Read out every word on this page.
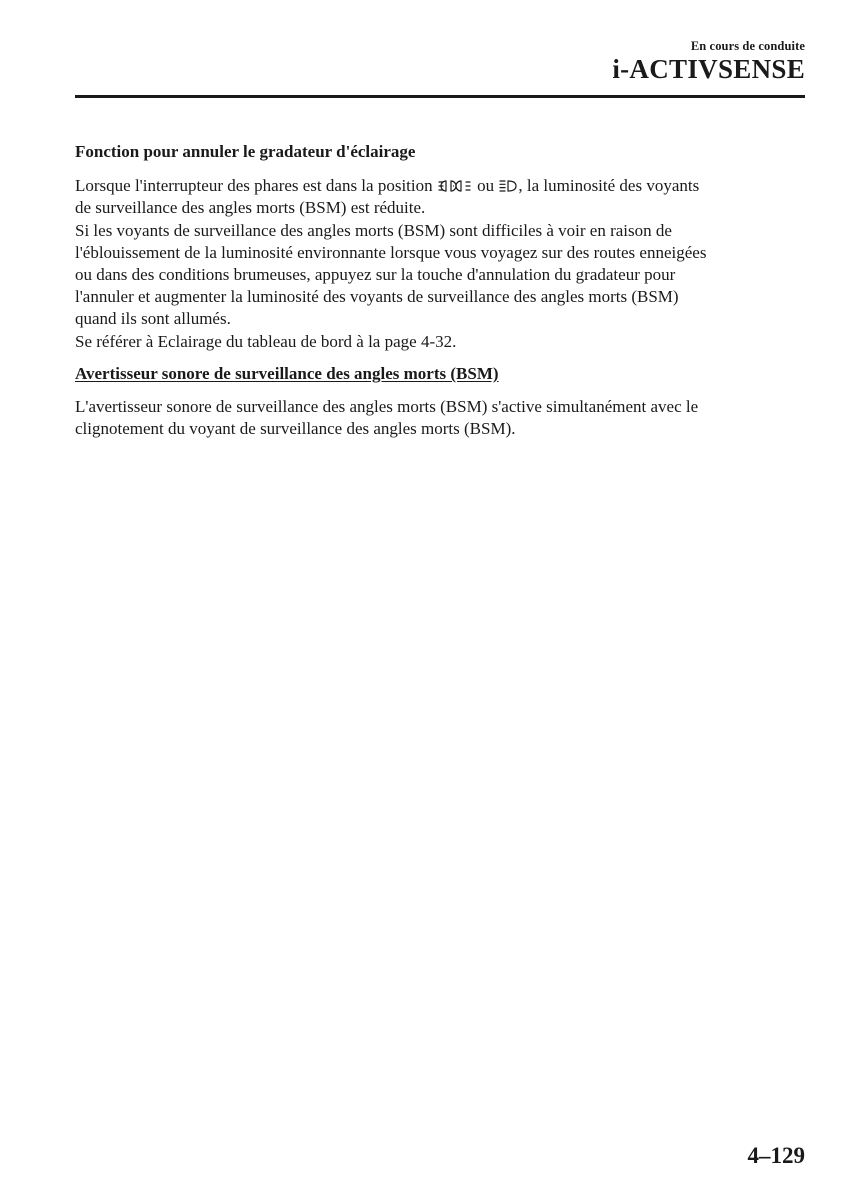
En cours de conduite
i-ACTIVSENSE
Fonction pour annuler le gradateur d'éclairage
Lorsque l'interrupteur des phares est dans la position
ou
, la luminosité des voyants
de surveillance des angles morts (BSM) est réduite.
Si les voyants de surveillance des angles morts (BSM) sont difficiles à voir en raison de
l'éblouissement de la luminosité environnante lorsque vous voyagez sur des routes enneigées
ou dans des conditions brumeuses, appuyez sur la touche d'annulation du gradateur pour
l'annuler et augmenter la luminosité des voyants de surveillance des angles morts (BSM)
quand ils sont allumés.
Se référer à Eclairage du tableau de bord à la page 4-32.
Avertisseur sonore de surveillance des angles morts (BSM)
L'avertisseur sonore de surveillance des angles morts (BSM) s'active simultanément avec le
clignotement du voyant de surveillance des angles morts (BSM).
4–129
